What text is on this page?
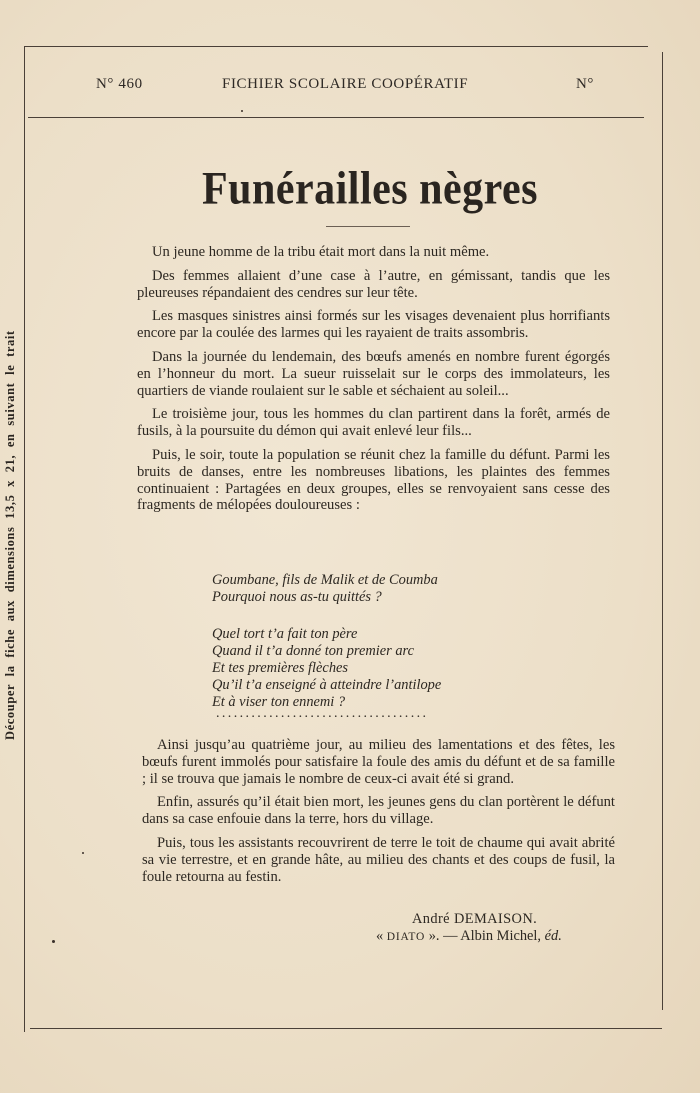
Découper la fiche aux dimensions 13,5 x 21, en suivant le trait
N° 460	FICHIER SCOLAIRE COOPÉRATIF	N°
Funérailles nègres

Un jeune homme de la tribu était mort dans la nuit même.

Des femmes allaient d’une case à l’autre, en gémissant, tandis que les pleureuses répandaient des cendres sur leur tête.

Les masques sinistres ainsi formés sur les visages devenaient plus horrifiants encore par la coulée des larmes qui les rayaient de traits assombris.

Dans la journée du lendemain, des bœufs amenés en nombre furent égorgés en l’honneur du mort. La sueur ruisselait sur le corps des immolateurs, les quartiers de viande roulaient sur le sable et séchaient au soleil...

Le troisième jour, tous les hommes du clan partirent dans la forêt, armés de fusils, à la poursuite du démon qui avait enlevé leur fils...

Puis, le soir, toute la population se réunit chez la famille du défunt. Parmi les bruits de danses, entre les nombreuses libations, les plaintes des femmes continuaient : Partagées en deux groupes, elles se renvoyaient sans cesse des fragments de mélopées douloureuses :

Goumbane, fils de Malik et de Coumba
Pourquoi nous as-tu quittés ?
Quel tort t’a fait ton père
Quand il t’a donné ton premier arc
Et tes premières flèches
Qu’il t’a enseigné à atteindre l’antilope
Et à viser ton ennemi ?
....................................

Ainsi jusqu’au quatrième jour, au milieu des lamentations et des fêtes, les bœufs furent immolés pour satisfaire la foule des amis du défunt et de sa famille ; il se trouva que jamais le nombre de ceux-ci avait été si grand.

Enfin, assurés qu’il était bien mort, les jeunes gens du clan portèrent le défunt dans sa case enfouie dans la terre, hors du village.

Puis, tous les assistants recouvrirent de terre le toit de chaume qui avait abrité sa vie terrestre, et en grande hâte, au milieu des chants et des coups de fusil, la foule retourna au festin.

André DEMAISON.
« DIATO ». — Albin Michel, éd.
